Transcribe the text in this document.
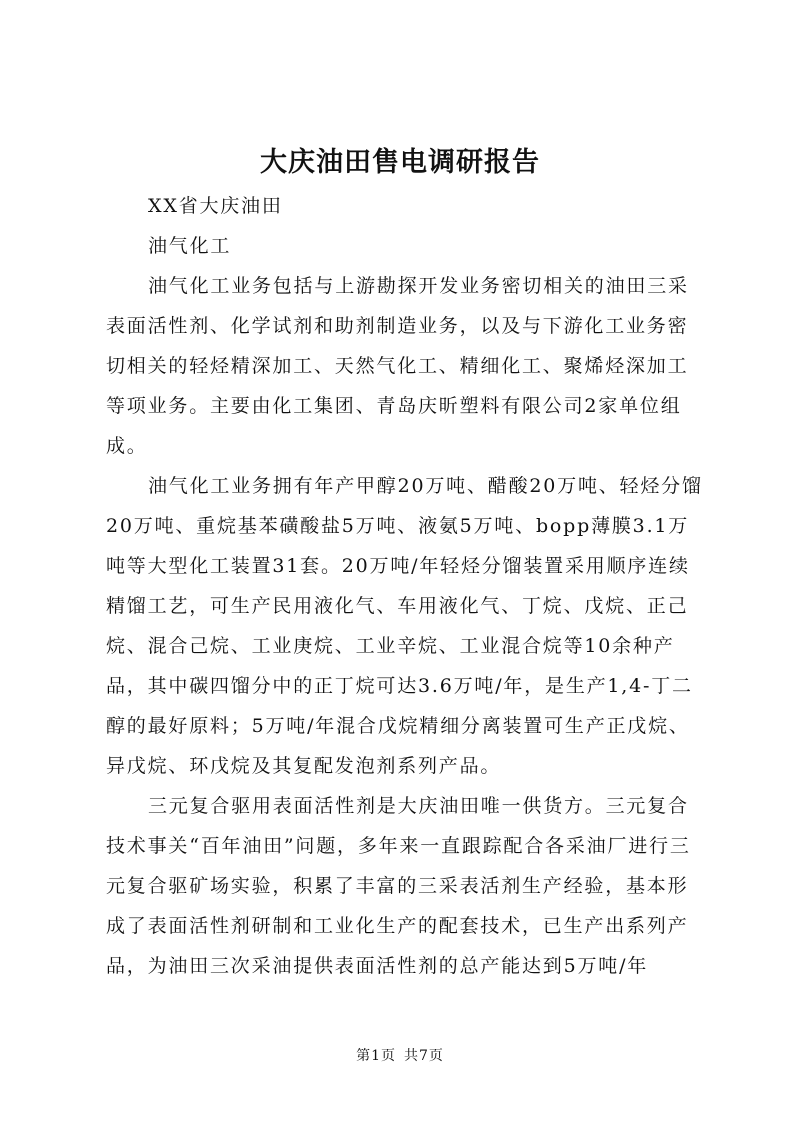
大庆油田售电调研报告

XX省大庆油田

油气化工

油气化工业务包括与上游勘探开发业务密切相关的油田三采表面活性剂、化学试剂和助剂制造业务，以及与下游化工业务密切相关的轻烃精深加工、天然气化工、精细化工、聚烯烃深加工等项业务。主要由化工集团、青岛庆昕塑料有限公司2家单位组成。

油气化工业务拥有年产甲醇20万吨、醋酸20万吨、轻烃分馏20万吨、重烷基苯磺酸盐5万吨、液氨5万吨、bopp薄膜3.1万吨等大型化工装置31套。20万吨/年轻烃分馏装置采用顺序连续精馏工艺，可生产民用液化气、车用液化气、丁烷、戊烷、正己烷、混合己烷、工业庚烷、工业辛烷、工业混合烷等10余种产品，其中碳四馏分中的正丁烷可达3.6万吨/年，是生产1,4-丁二醇的最好原料；5万吨/年混合戊烷精细分离装置可生产正戊烷、异戊烷、环戊烷及其复配发泡剂系列产品。

三元复合驱用表面活性剂是大庆油田唯一供货方。三元复合技术事关“百年油田”问题，多年来一直跟踪配合各采油厂进行三元复合驱矿场实验，积累了丰富的三采表活剂生产经验，基本形成了表面活性剂研制和工业化生产的配套技术，已生产出系列产品，为油田三次采油提供表面活性剂的总产能达到5万吨/年

第1页 共7页
